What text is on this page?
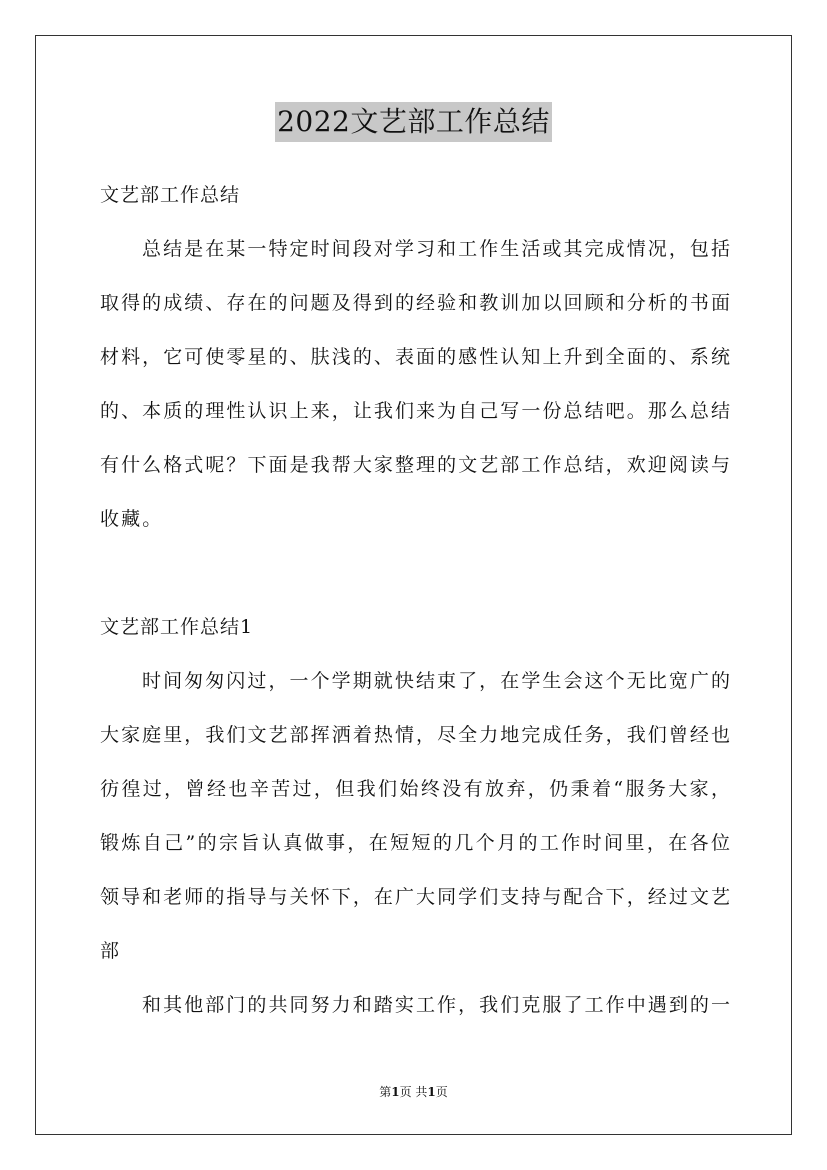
2022文艺部工作总结
文艺部工作总结
总结是在某一特定时间段对学习和工作生活或其完成情况，包括
取得的成绩、存在的问题及得到的经验和教训加以回顾和分析的书面
材料，它可使零星的、肤浅的、表面的感性认知上升到全面的、系统
的、本质的理性认识上来，让我们来为自己写一份总结吧。那么总结
有什么格式呢？下面是我帮大家整理的文艺部工作总结，欢迎阅读与
收藏。
文艺部工作总结1
时间匆匆闪过，一个学期就快结束了，在学生会这个无比宽广的
大家庭里，我们文艺部挥洒着热情，尽全力地完成任务，我们曾经也
彷徨过，曾经也辛苦过，但我们始终没有放弃，仍秉着“服务大家，
锻炼自己”的宗旨认真做事，在短短的几个月的工作时间里，在各位
领导和老师的指导与关怀下，在广大同学们支持与配合下，经过文艺
部
和其他部门的共同努力和踏实工作，我们克服了工作中遇到的一
第1页 共1页
